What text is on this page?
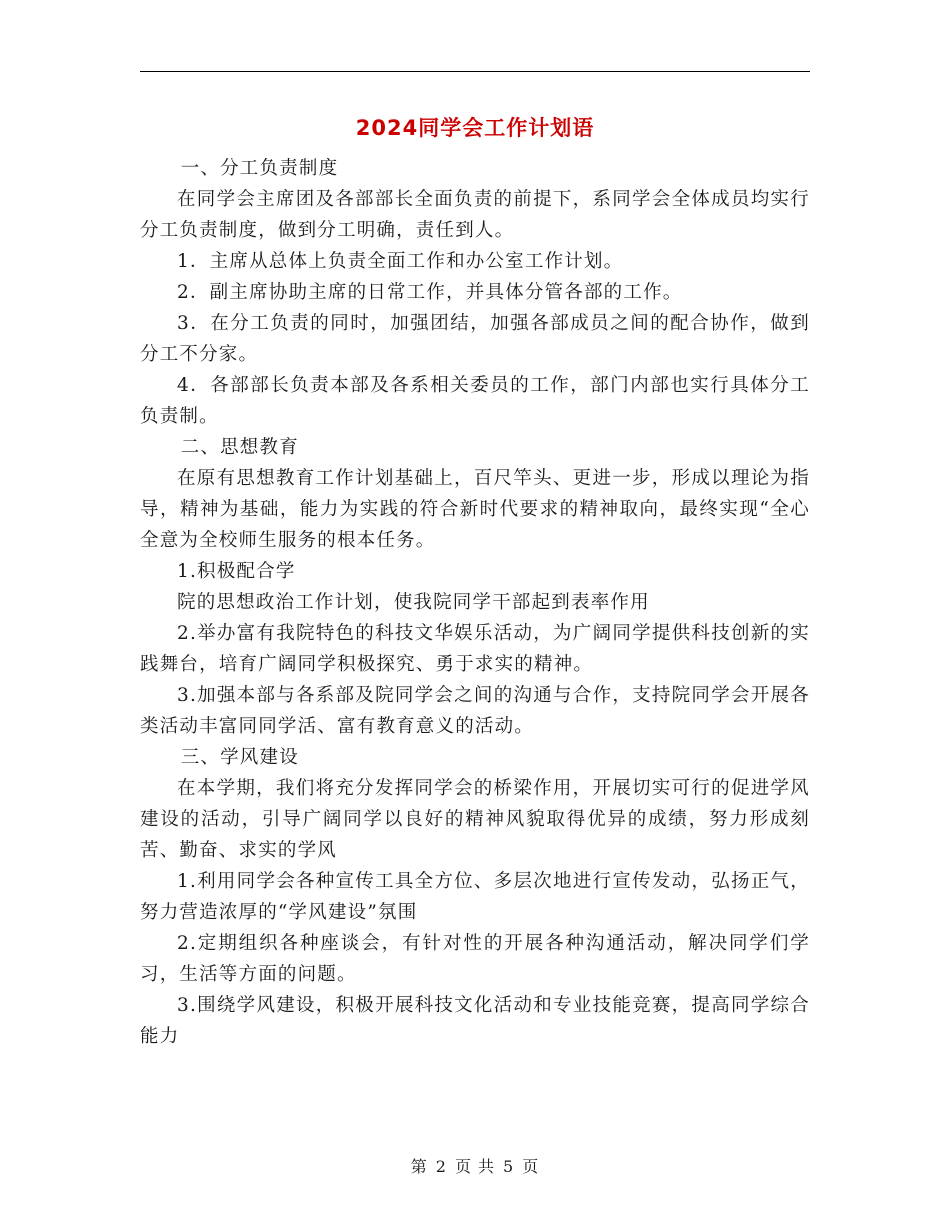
2024同学会工作计划语

一、分工负责制度

在同学会主席团及各部部长全面负责的前提下，系同学会全体成员均实行分工负责制度，做到分工明确，责任到人。

1．主席从总体上负责全面工作和办公室工作计划。

2．副主席协助主席的日常工作，并具体分管各部的工作。

3．在分工负责的同时，加强团结，加强各部成员之间的配合协作，做到分工不分家。

4．各部部长负责本部及各系相关委员的工作，部门内部也实行具体分工负责制。

二、思想教育

在原有思想教育工作计划基础上，百尺竿头、更进一步，形成以理论为指导，精神为基础，能力为实践的符合新时代要求的精神取向，最终实现“全心全意为全校师生服务的根本任务。

1.积极配合学

院的思想政治工作计划，使我院同学干部起到表率作用

2.举办富有我院特色的科技文华娱乐活动，为广阔同学提供科技创新的实践舞台，培育广阔同学积极探究、勇于求实的精神。

3.加强本部与各系部及院同学会之间的沟通与合作，支持院同学会开展各类活动丰富同同学活、富有教育意义的活动。

三、学风建设

在本学期，我们将充分发挥同学会的桥梁作用，开展切实可行的促进学风建设的活动，引导广阔同学以良好的精神风貌取得优异的成绩，努力形成刻苦、勤奋、求实的学风

1.利用同学会各种宣传工具全方位、多层次地进行宣传发动，弘扬正气，努力营造浓厚的“学风建设”氛围

2.定期组织各种座谈会，有针对性的开展各种沟通活动，解决同学们学习，生活等方面的问题。

3.围绕学风建设，积极开展科技文化活动和专业技能竞赛，提高同学综合能力

第 2 页 共 5 页
